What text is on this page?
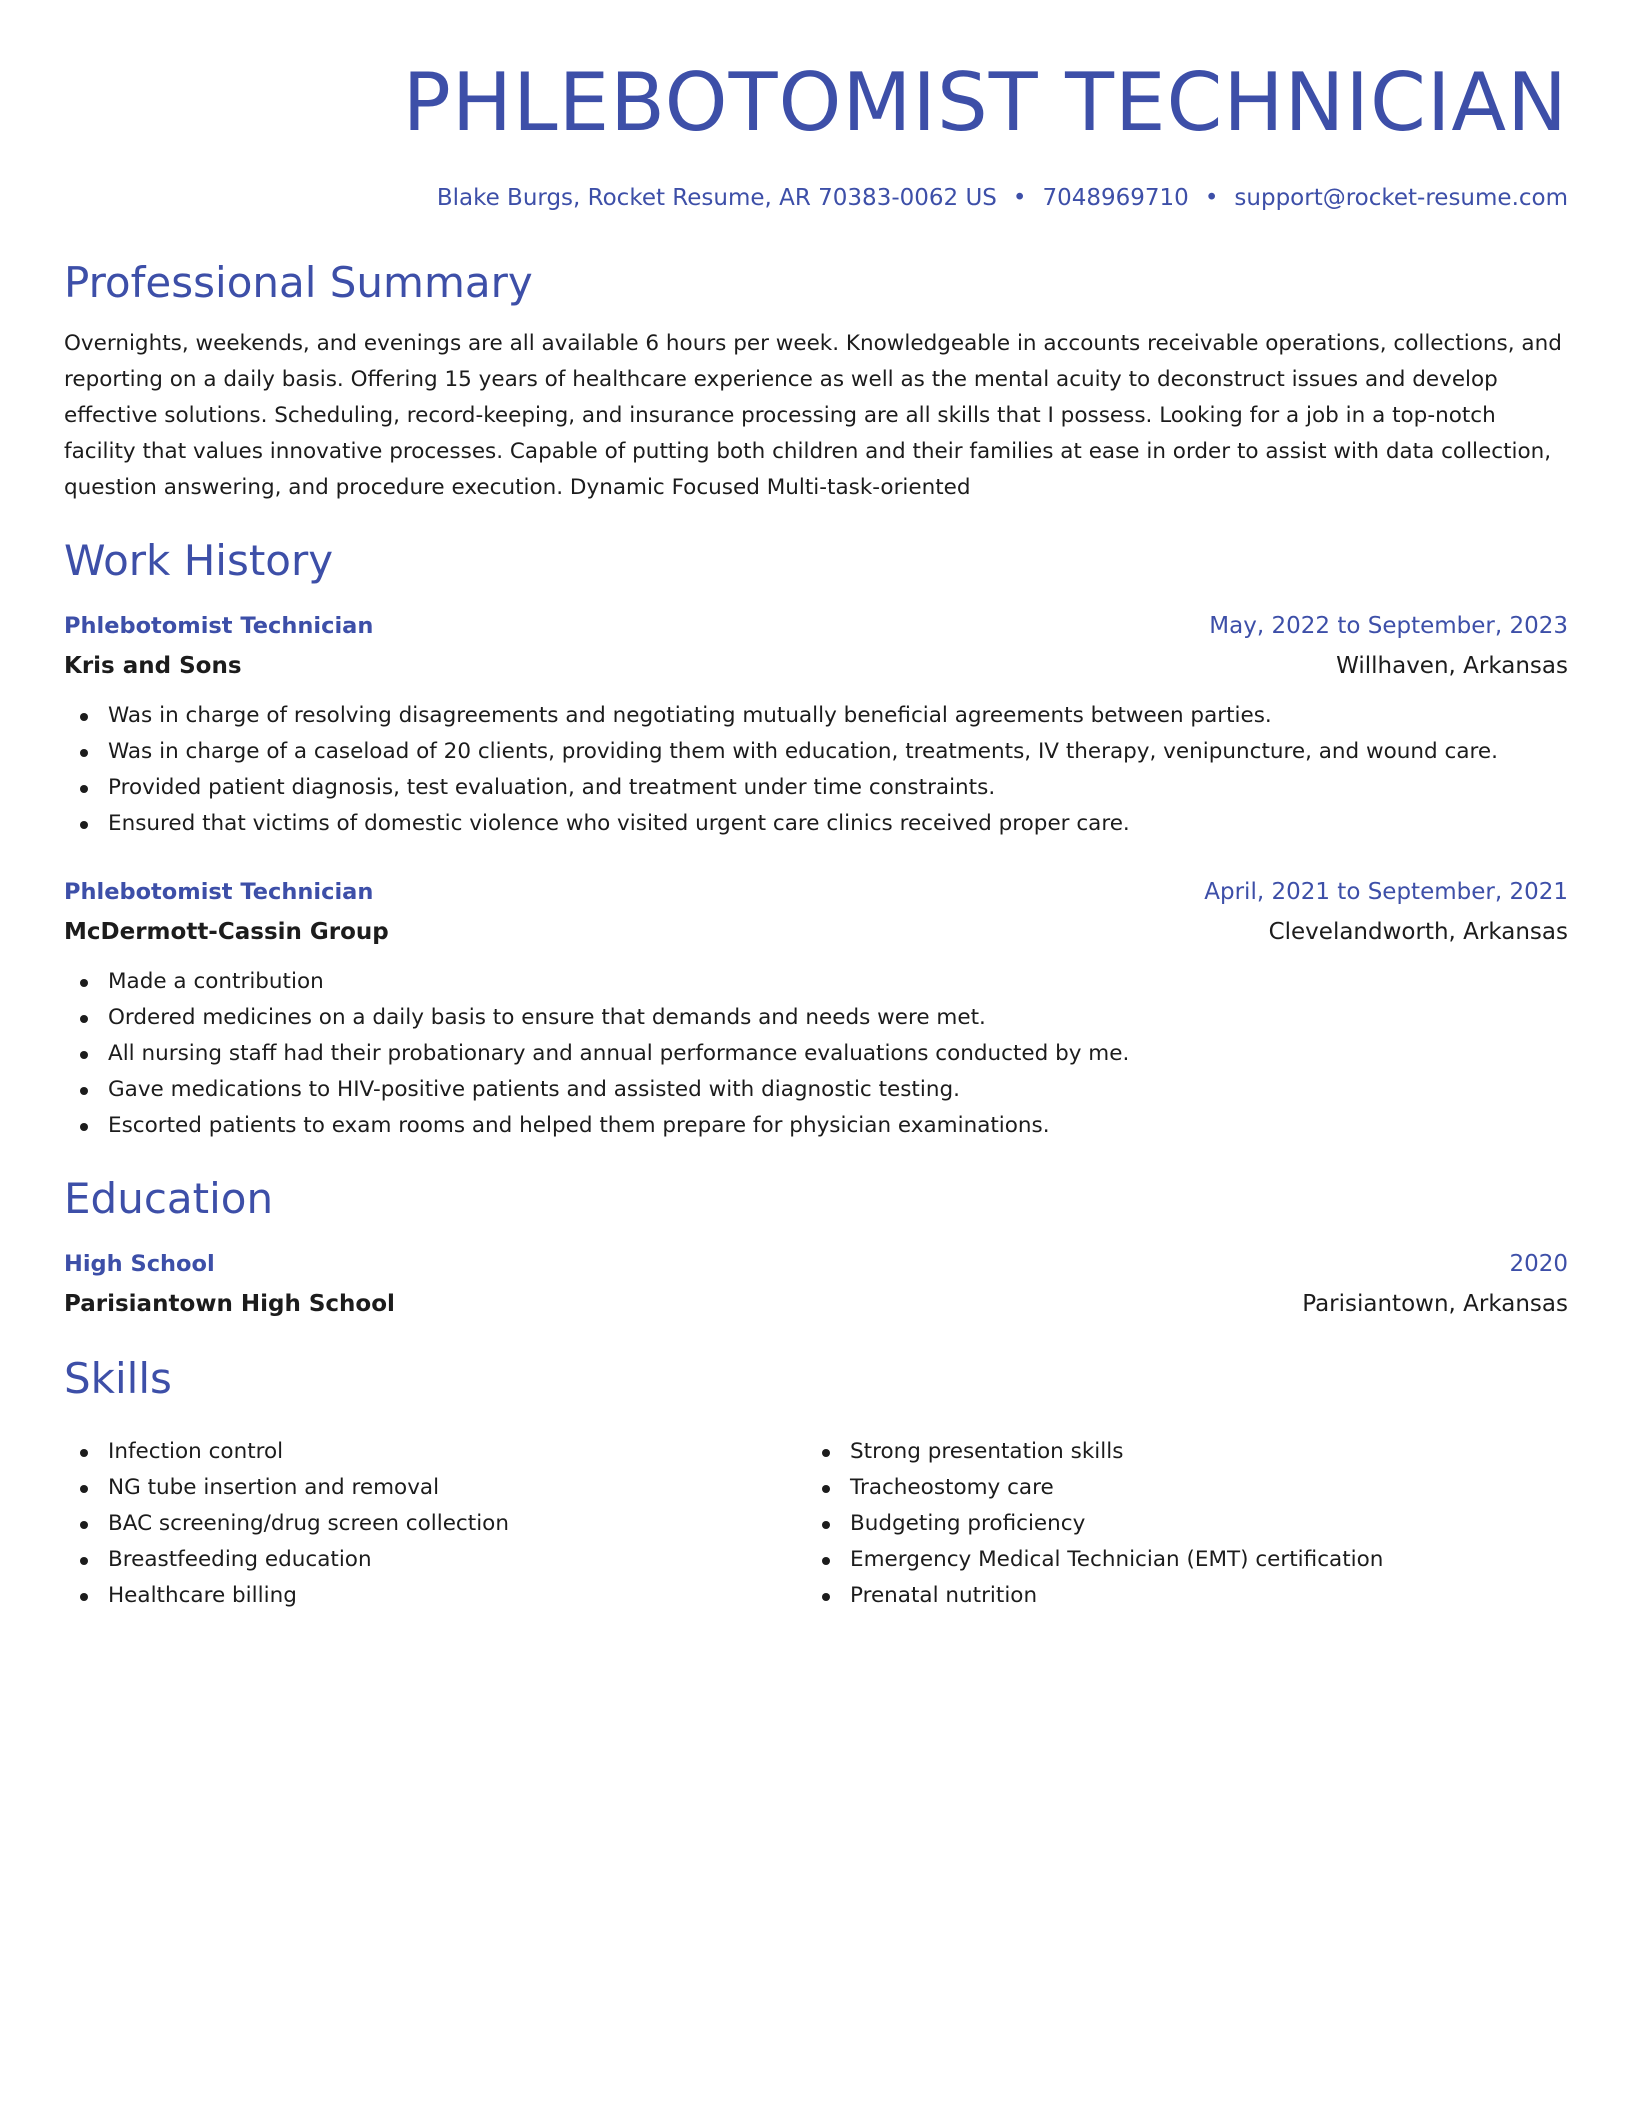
PHLEBOTOMIST TECHNICIAN
Blake Burgs, Rocket Resume, AR 70383-0062 US • 7048969710 • support@rocket-resume.com
Professional Summary

Overnights, weekends, and evenings are all available 6 hours per week. Knowledgeable in accounts receivable operations, collections, and reporting on a daily basis. Offering 15 years of healthcare experience as well as the mental acuity to deconstruct issues and develop effective solutions. Scheduling, record-keeping, and insurance processing are all skills that I possess. Looking for a job in a top-notch facility that values innovative processes. Capable of putting both children and their families at ease in order to assist with data collection, question answering, and procedure execution. Dynamic Focused Multi-task-oriented

Work History
Phlebotomist Technician	May, 2022 to September, 2023
Kris and Sons	Willhaven, Arkansas
Was in charge of resolving disagreements and negotiating mutually beneficial agreements between parties.
Was in charge of a caseload of 20 clients, providing them with education, treatments, IV therapy, venipuncture, and wound care.
Provided patient diagnosis, test evaluation, and treatment under time constraints.
Ensured that victims of domestic violence who visited urgent care clinics received proper care.
Phlebotomist Technician	April, 2021 to September, 2021
McDermott-Cassin Group	Clevelandworth, Arkansas
Made a contribution
Ordered medicines on a daily basis to ensure that demands and needs were met.
All nursing staff had their probationary and annual performance evaluations conducted by me.
Gave medications to HIV-positive patients and assisted with diagnostic testing.
Escorted patients to exam rooms and helped them prepare for physician examinations.
Education
High School	2020
Parisiantown High School	Parisiantown, Arkansas
Skills
Infection control
NG tube insertion and removal
BAC screening/drug screen collection
Breastfeeding education
Healthcare billing
Strong presentation skills
Tracheostomy care
Budgeting proficiency
Emergency Medical Technician (EMT) certification
Prenatal nutrition
